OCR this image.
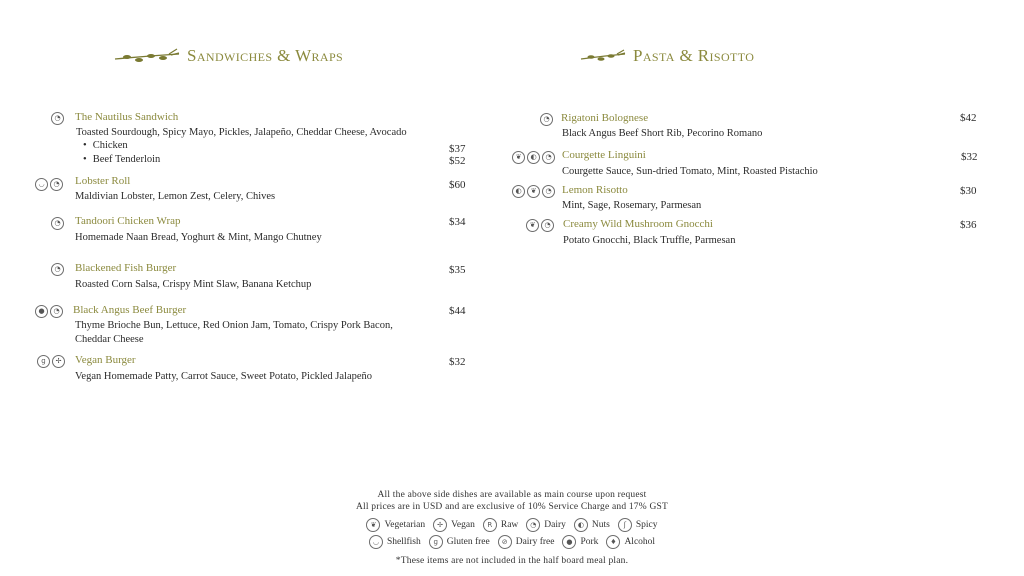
Sandwiches & Wraps	Pasta & Risotto
◔	The Nautilus Sandwich
Toasted Sourdough, Spicy Mayo, Pickles, Jalapeño, Cheddar Cheese, Avocado
• Chicken	$37
• Beef Tenderloin	$52
◡	◔	Lobster Roll
Maldivian Lobster, Lemon Zest, Celery, Chives
$60
◔	Tandoori Chicken Wrap
Homemade Naan Bread, Yoghurt & Mint, Mango Chutney
$34
◔	Blackened Fish Burger
Roasted Corn Salsa, Crispy Mint Slaw, Banana Ketchup
$35
●	◔	Black Angus Beef Burger
Thyme Brioche Bun, Lettuce, Red Onion Jam, Tomato, Crispy Pork Bacon,
Cheddar Cheese
$44
ɡ	✢	Vegan Burger
Vegan Homemade Patty, Carrot Sauce, Sweet Potato, Pickled Jalapeño
$32
◔	Rigatoni Bolognese
Black Angus Beef Short Rib, Pecorino Romano
$42
❦	◐	◔ Courgette Linguini
Courgette Sauce, Sun-dried Tomato, Mint, Roasted Pistachio
$32
◐	❦	◔ Lemon Risotto
Mint, Sage, Rosemary, Parmesan
$30
❦	◔	Creamy Wild Mushroom Gnocchi
Potato Gnocchi, Black Truffle, Parmesan
$36
All the above side dishes are available as main course upon request
All prices are in USD and are exclusive of 10% Service Charge and 17% GST
❦ Vegetarian	✢ Vegan	R Raw	◔ Dairy	◐ Nuts	ʃ	Spicy
◡ Shellfish	ɡ Gluten free	⊘ Dairy free	● Pork	♦ Alcohol
*These items are not included in the half board meal plan.
